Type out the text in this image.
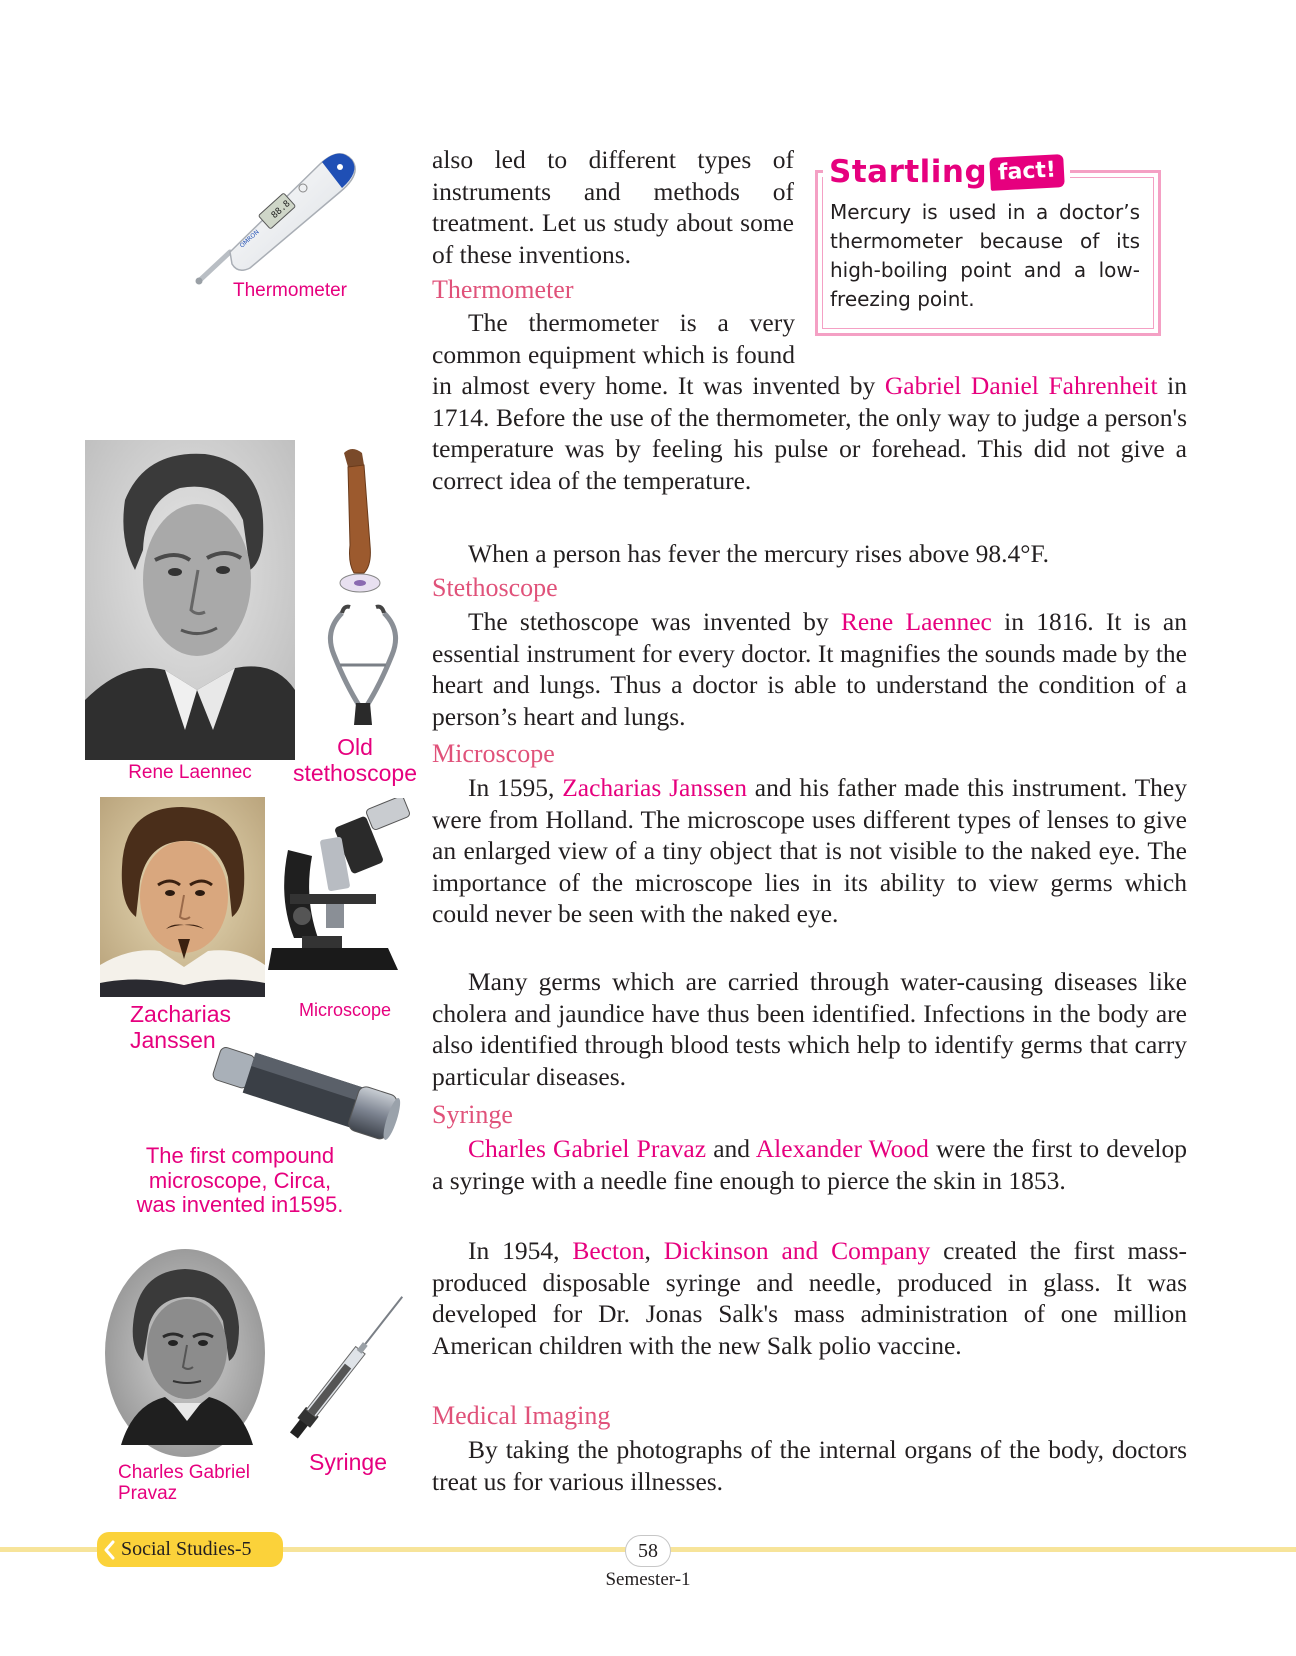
88.8
OMRON
Thermometer
Rene Laennec
Old
stethoscope
Zacharias
Janssen
Microscope
The first compound
microscope, Circa,
was invented in1595.
Charles Gabriel
Pravaz
Syringe
Startling fact!
Mercury is used in a doctor’s thermometer because of its high-boiling point and a low-freezing point.
also led to different types of instruments and methods of treatment. Let us study about some of these inventions.
Thermometer
The thermometer is a very common equipment which is found in almost every home. It was invented by Gabriel Daniel Fahrenheit in 1714. Before the use of the thermometer, the only way to judge a person's temperature was by feeling his pulse or forehead. This did not give a correct idea of the temperature.
When a person has fever the mercury rises above 98.4°F.
Stethoscope
The stethoscope was invented by Rene Laennec in 1816. It is an essential instrument for every doctor. It magnifies the sounds made by the heart and lungs. Thus a doctor is able to understand the condition of a person’s heart and lungs.
Microscope
In 1595, Zacharias Janssen and his father made this instrument. They were from Holland. The microscope uses different types of lenses to give an enlarged view of a tiny object that is not visible to the naked eye. The importance of the microscope lies in its ability to view germs which could never be seen with the naked eye.
Many germs which are carried through water-causing diseases like cholera and jaundice have thus been identified. Infections in the body are also identified through blood tests which help to identify germs that carry particular diseases.
Syringe
Charles Gabriel Pravaz and Alexander Wood were the first to develop a syringe with a needle fine enough to pierce the skin in 1853.
In 1954, Becton, Dickinson and Company created the first mass-produced disposable syringe and needle, produced in glass. It was developed for Dr. Jonas Salk's mass administration of one million American children with the new Salk polio vaccine.
Medical Imaging
By taking the photographs of the internal organs of the body, doctors treat us for various illnesses.
Social Studies-5	58
Semester-1
